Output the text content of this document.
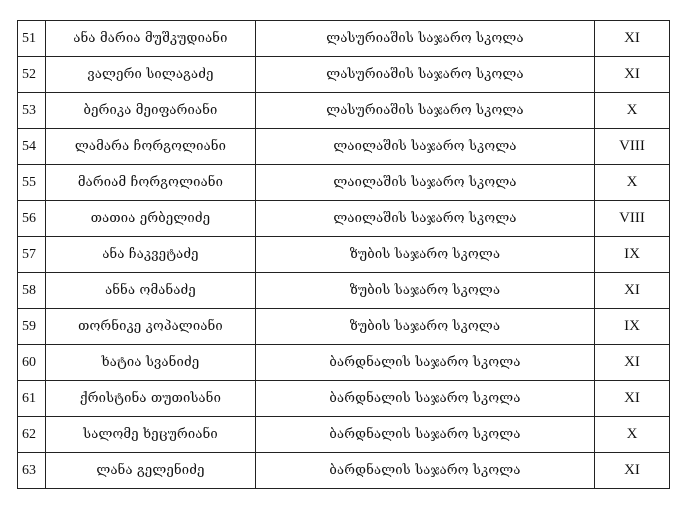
51	ანა მარია მუშკუდიანი	ლასურიაშის საჯარო სკოლა	XI
52	ვალერი სილაგაძე	ლასურიაშის საჯარო სკოლა	XI
53	ბერიკა მეიფარიანი	ლასურიაშის საჯარო სკოლა	X
54	ლამარა ჩორგოლიანი	ლაილაშის საჯარო სკოლა	VIII
55	მარიამ ჩორგოლიანი	ლაილაშის საჯარო სკოლა	X
56	თათია ერბელიძე	ლაილაშის საჯარო სკოლა	VIII
57	ანა ჩაკვეტაძე	ზუბის საჯარო სკოლა	IX
58	ანნა ომანაძე	ზუბის საჯარო სკოლა	XI
59	თორნიკე კოპალიანი	ზუბის საჯარო სკოლა	IX
60	ხატია სვანიძე	ბარდნალის საჯარო სკოლა	XI
61	ქრისტინა თუთისანი	ბარდნალის საჯარო სკოლა	XI
62	სალომე ხეცურიანი	ბარდნალის საჯარო სკოლა	X
63	ლანა გელენიძე	ბარდნალის საჯარო სკოლა	XI
